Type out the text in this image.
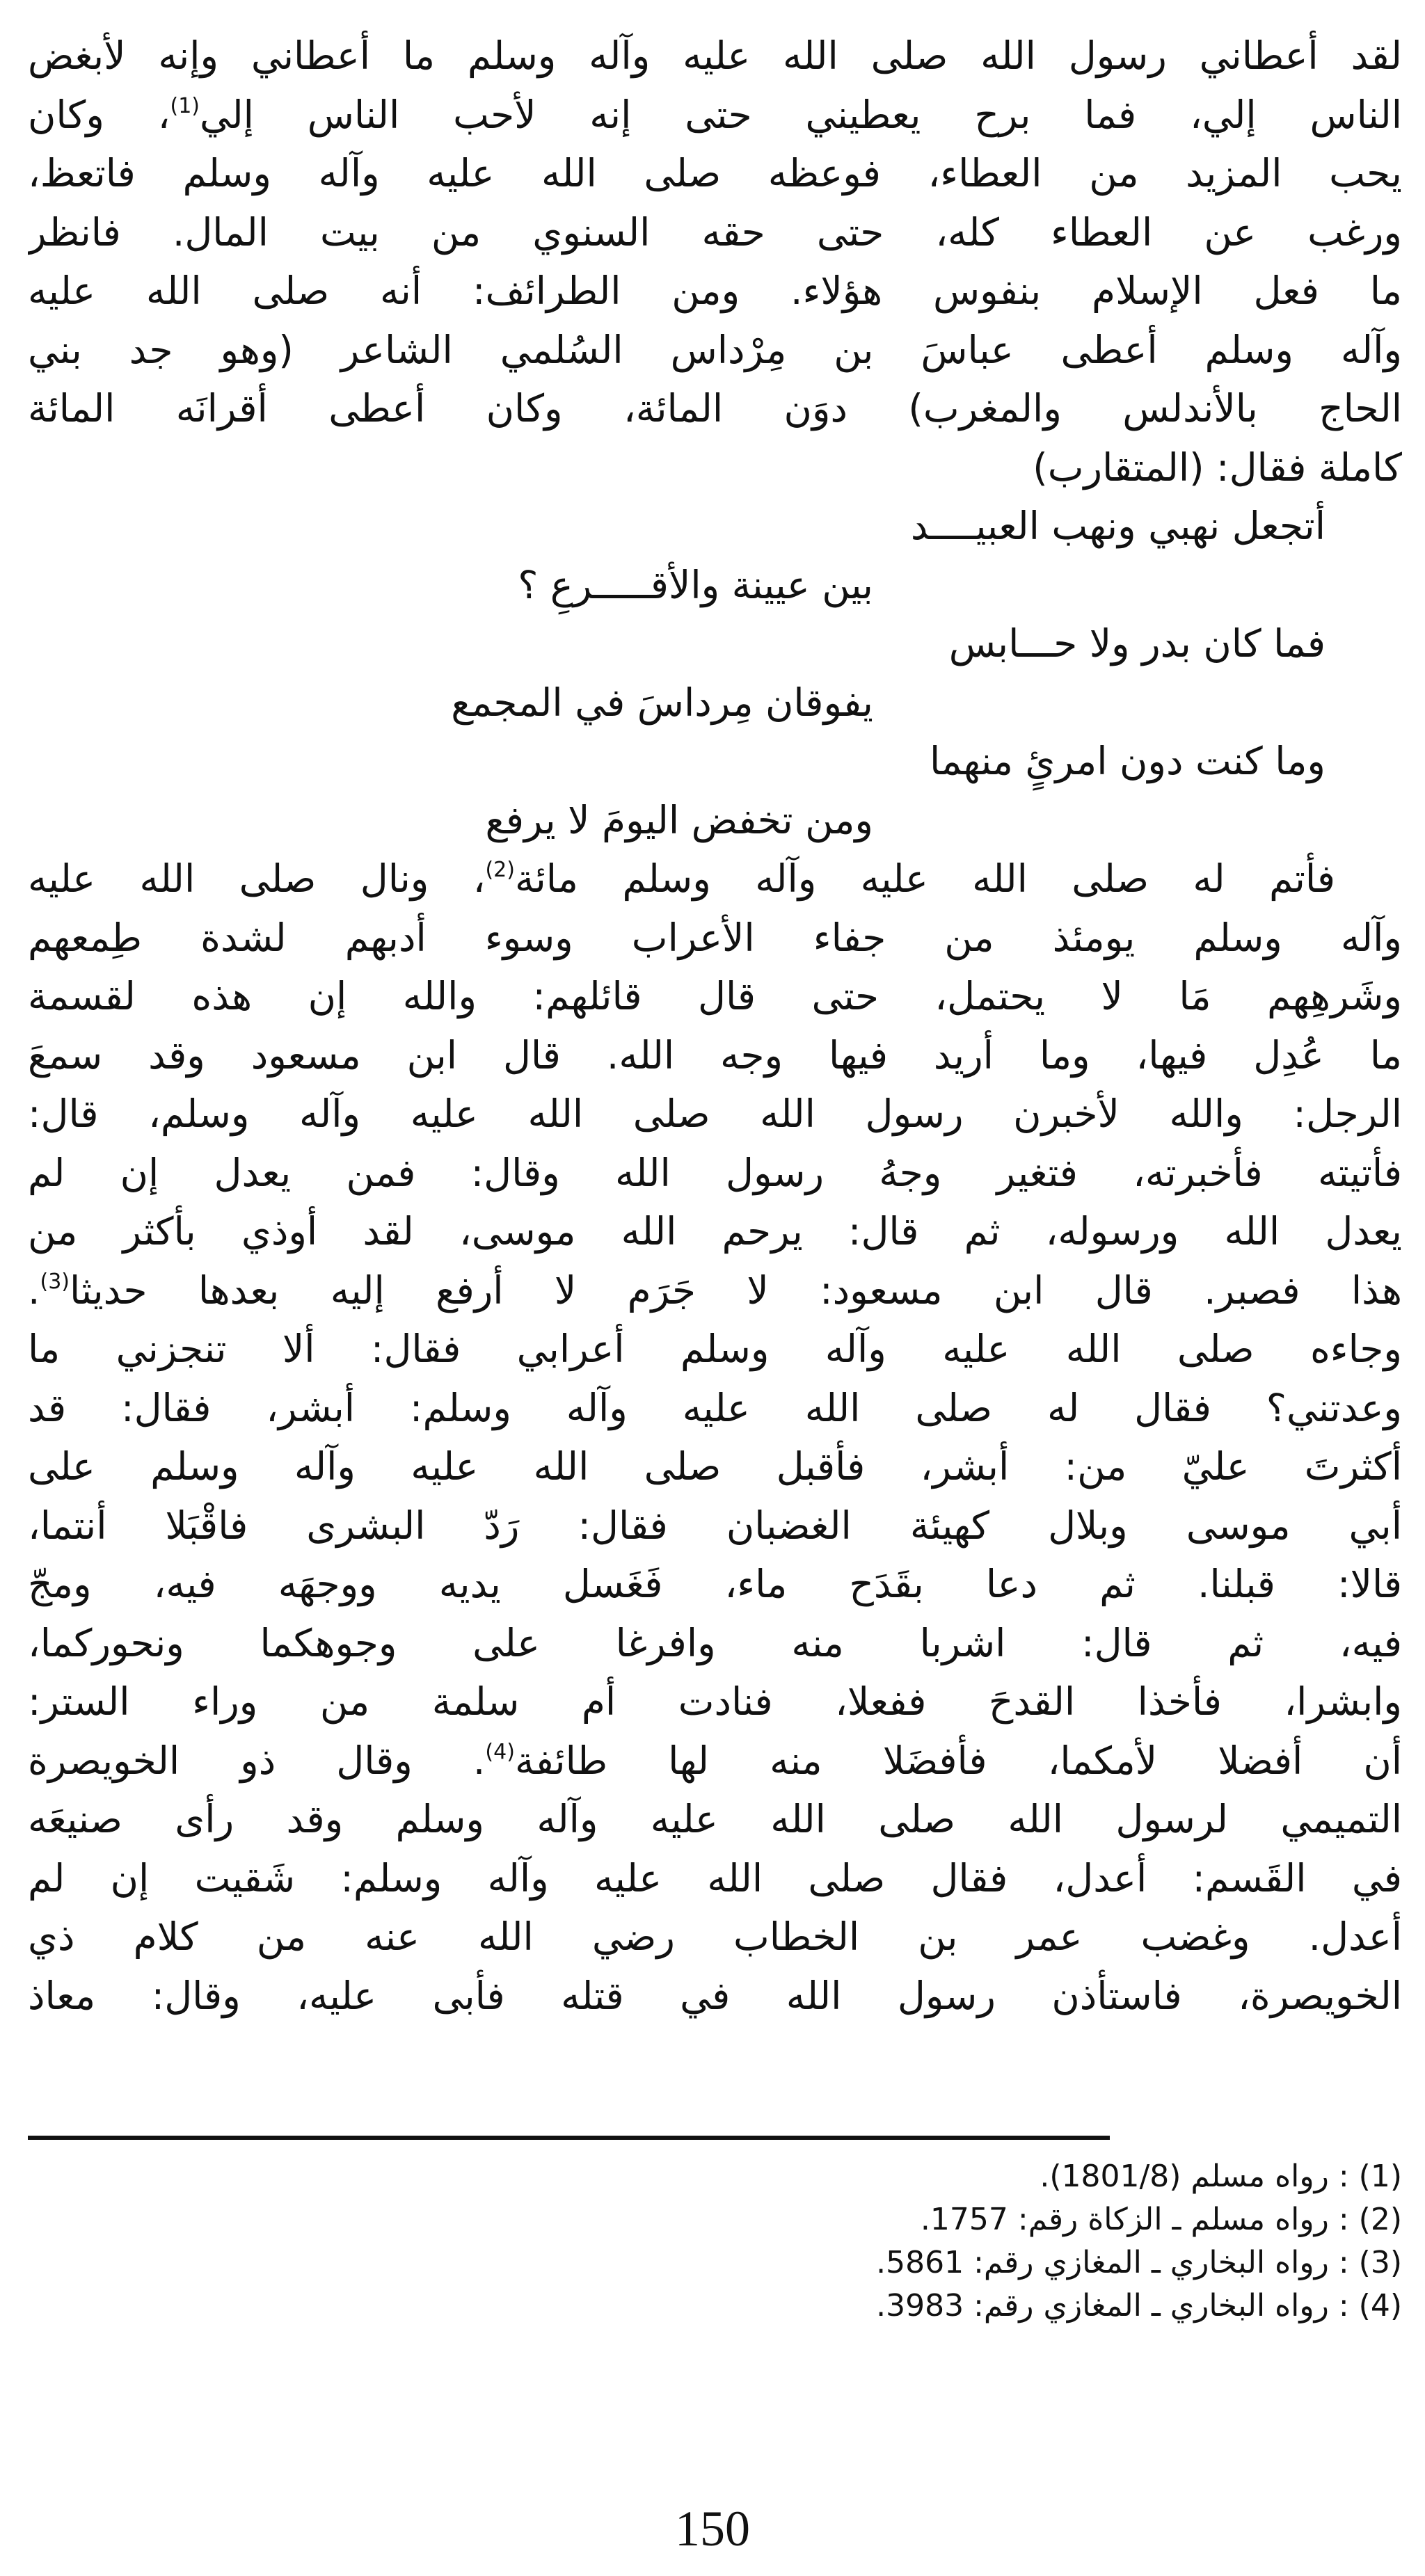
لقد أعطاني رسول الله صلى الله عليه وآله وسلم ما أعطاني وإنه لأبغض
الناس إلي، فما برح يعطيني حتى إنه لأحب الناس إلي$^{(1)}$، وكان
يحب المزيد من العطاء، فوعظه صلى الله عليه وآله وسلم فاتعظ،
ورغب عن العطاء كله، حتى حقه السنوي من بيت المال. فانظر
ما فعل الإسلام بنفوس هؤلاء. ومن الطرائف: أنه صلى الله عليه
وآله وسلم أعطى عباسَ بن مِرْداس السُلمي الشاعر (وهو جد بني
الحاج بالأندلس والمغرب) دوَن المائة، وكان أعطى أقرانَه المائة
كاملة فقال: (المتقارب)
أتجعل نهبي ونهب العبيــــد
بين عيينة والأقـــــرعِ ؟
فما كان بدر ولا حـــابس
يفوقان مِرداسَ في المجمع
وما كنت دون امرئٍ منهما
ومن تخفض اليومَ لا يرفع
فأتم له صلى الله عليه وآله وسلم مائة$^{(2)}$، ونال صلى الله عليه
وآله وسلم يومئذ من جفاء الأعراب وسوء أدبهم لشدة طِمعهم
وشَرهِهم مَا لا يحتمل، حتى قال قائلهم: والله إن هذه لقسمة
ما عُدِل فيها، وما أريد فيها وجه الله. قال ابن مسعود وقد سمعَ
الرجل: والله لأخبرن رسول الله صلى الله عليه وآله وسلم، قال:
فأتيته فأخبرته، فتغير وجهُ رسول الله وقال: فمن يعدل إن لم
يعدل الله ورسوله، ثم قال: يرحم الله موسى، لقد أوذي بأكثر من
هذا فصبر. قال ابن مسعود: لا جَرَم لا أرفع إليه بعدها حديثا$^{(3)}$.
وجاءه صلى الله عليه وآله وسلم أعرابي فقال: ألا تنجزني ما
وعدتني؟ فقال له صلى الله عليه وآله وسلم: أبشر، فقال: قد
أكثرتَ عليّ من: أبشر، فأقبل صلى الله عليه وآله وسلم على
أبي موسى وبلال كهيئة الغضبان فقال: رَدّ البشرى فاقْبَلا أنتما،
قالا: قبلنا. ثم دعا بقَدَح ماء، فَغَسل يديه ووجهَه فيه، ومجّ
فيه، ثم قال: اشربا منه وافرغا على وجوهكما ونحوركما،
وابشرا، فأخذا القدحَ ففعلا، فنادت أم سلمة من وراء الستر:
أن أفضلا لأمكما، فأفضَلا منه لها طائفة$^{(4)}$. وقال ذو الخويصرة
التميمي لرسول الله صلى الله عليه وآله وسلم وقد رأى صنيعَه
في القَسم: أعدل، فقال صلى الله عليه وآله وسلم: شَقيت إن لم
أعدل. وغضب عمر بن الخطاب رضي الله عنه من كلام ذي
الخويصرة، فاستأذن رسول الله في قتله فأبى عليه، وقال: معاذ
(1) : رواه مسلم (1801/8).
(2) : رواه مسلم ـ الزكاة رقم: 1757.
(3) : رواه البخاري ـ المغازي رقم: 5861.
(4) : رواه البخاري ـ المغازي رقم: 3983.
150
